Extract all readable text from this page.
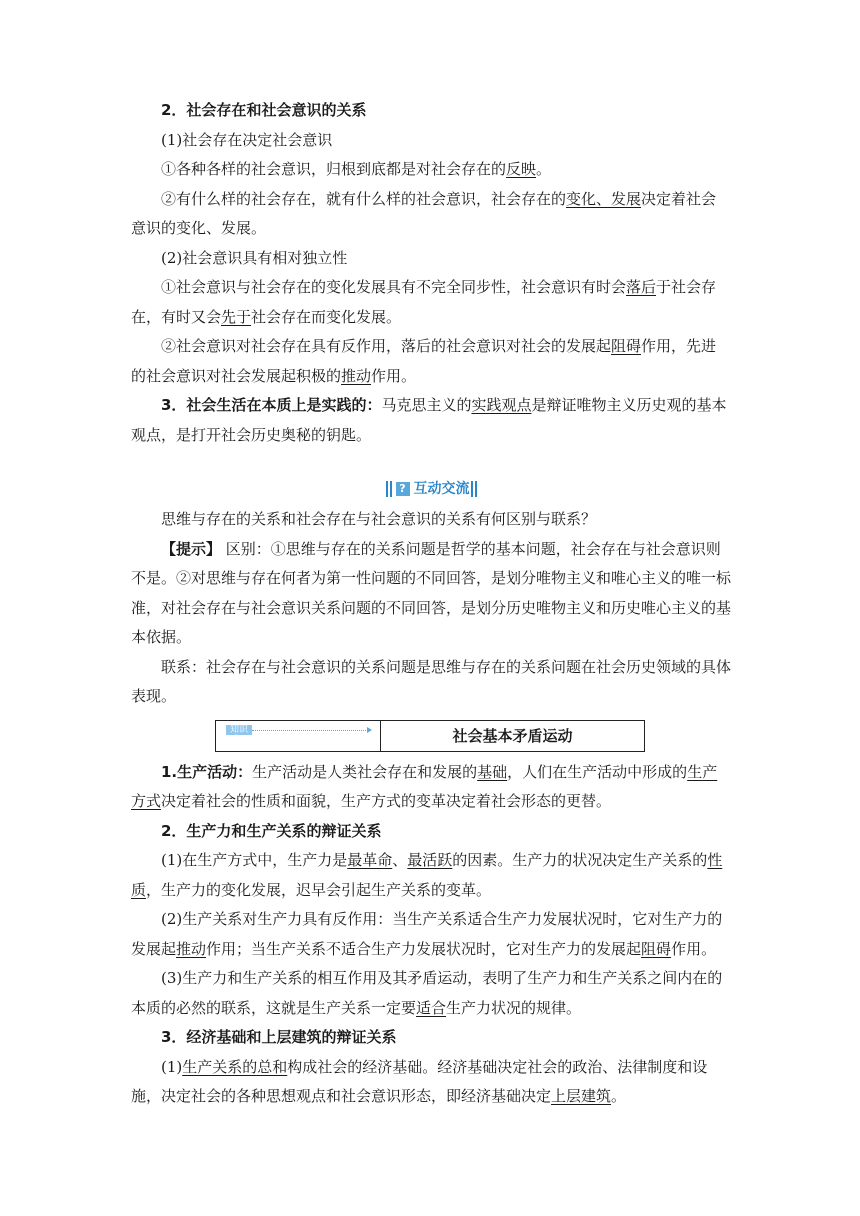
2．社会存在和社会意识的关系

(1)社会存在决定社会意识

①各种各样的社会意识，归根到底都是对社会存在的反映。

②有什么样的社会存在，就有什么样的社会意识，社会存在的变化、发展决定着社会意识的变化、发展。

(2)社会意识具有相对独立性

①社会意识与社会存在的变化发展具有不完全同步性，社会意识有时会落后于社会存在，有时又会先于社会存在而变化发展。

②社会意识对社会存在具有反作用，落后的社会意识对社会的发展起阻碍作用，先进的社会意识对社会发展起积极的推动作用。

3．社会生活在本质上是实践的：马克思主义的实践观点是辩证唯物主义历史观的基本观点，是打开社会历史奥秘的钥匙。

? 互动交流

思维与存在的关系和社会存在与社会意识的关系有何区别与联系？

【提示】 区别：①思维与存在的关系问题是哲学的基本问题，社会存在与社会意识则不是。②对思维与存在何者为第一性问题的不同回答，是划分唯物主义和唯心主义的唯一标准，对社会存在与社会意识关系问题的不同回答，是划分历史唯物主义和历史唯心主义的基本依据。

联系：社会存在与社会意识的关系问题是思维与存在的关系问题在社会历史领域的具体表现。

知识点2	社会基本矛盾运动

1.生产活动：生产活动是人类社会存在和发展的基础，人们在生产活动中形成的生产方式决定着社会的性质和面貌，生产方式的变革决定着社会形态的更替。

2．生产力和生产关系的辩证关系

(1)在生产方式中，生产力是最革命、最活跃的因素。生产力的状况决定生产关系的性质，生产力的变化发展，迟早会引起生产关系的变革。

(2)生产关系对生产力具有反作用：当生产关系适合生产力发展状况时，它对生产力的发展起推动作用；当生产关系不适合生产力发展状况时，它对生产力的发展起阻碍作用。

(3)生产力和生产关系的相互作用及其矛盾运动，表明了生产力和生产关系之间内在的本质的必然的联系，这就是生产关系一定要适合生产力状况的规律。

3．经济基础和上层建筑的辩证关系

(1)生产关系的总和构成社会的经济基础。经济基础决定社会的政治、法律制度和设施，决定社会的各种思想观点和社会意识形态，即经济基础决定上层建筑。
